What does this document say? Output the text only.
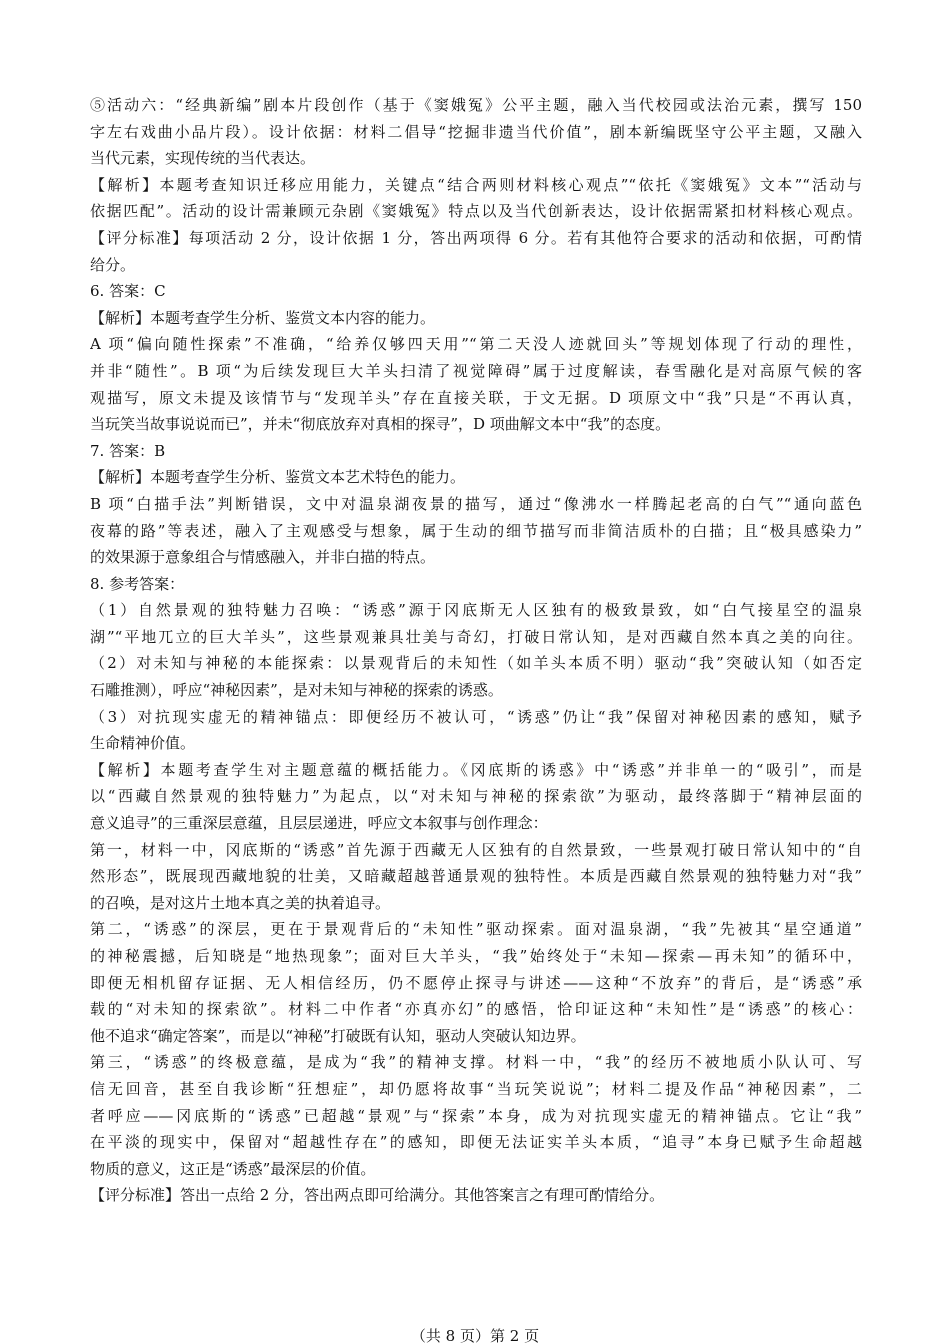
⑤活动六：“经典新编”剧本片段创作（基于《窦娥冤》公平主题，融入当代校园或法治元素，撰写 150
字左右戏曲小品片段）。设计依据：材料二倡导“挖掘非遗当代价值”，剧本新编既坚守公平主题，又融入
当代元素，实现传统的当代表达。
【解析】本题考查知识迁移应用能力，关键点“结合两则材料核心观点”“依托《窦娥冤》文本”“活动与
依据匹配”。活动的设计需兼顾元杂剧《窦娥冤》特点以及当代创新表达，设计依据需紧扣材料核心观点。
【评分标准】每项活动 2 分，设计依据 1 分，答出两项得 6 分。若有其他符合要求的活动和依据，可酌情
给分。
6. 答案：C
【解析】本题考查学生分析、鉴赏文本内容的能力。
A 项“偏向随性探索”不准确，“给养仅够四天用”“第二天没人迹就回头”等规划体现了行动的理性，
并非“随性”。B 项“为后续发现巨大羊头扫清了视觉障碍”属于过度解读，春雪融化是对高原气候的客
观描写，原文未提及该情节与“发现羊头”存在直接关联，于文无据。D 项原文中“我”只是“不再认真，
当玩笑当故事说说而已”，并未“彻底放弃对真相的探寻”，D 项曲解文本中“我”的态度。
7. 答案：B
【解析】本题考查学生分析、鉴赏文本艺术特色的能力。
B 项“白描手法”判断错误，文中对温泉湖夜景的描写，通过“像沸水一样腾起老高的白气”“通向蓝色
夜幕的路”等表述，融入了主观感受与想象，属于生动的细节描写而非简洁质朴的白描；且“极具感染力”
的效果源于意象组合与情感融入，并非白描的特点。
8. 参考答案：
（1）自然景观的独特魅力召唤：“诱惑”源于冈底斯无人区独有的极致景致，如“白气接星空的温泉
湖”“平地兀立的巨大羊头”，这些景观兼具壮美与奇幻，打破日常认知，是对西藏自然本真之美的向往。
（2）对未知与神秘的本能探索：以景观背后的未知性（如羊头本质不明）驱动“我”突破认知（如否定
石雕推测），呼应“神秘因素”，是对未知与神秘的探索的诱惑。
（3）对抗现实虚无的精神锚点：即便经历不被认可，“诱惑”仍让“我”保留对神秘因素的感知，赋予
生命精神价值。
【解析】本题考查学生对主题意蕴的概括能力。《冈底斯的诱惑》中“诱惑”并非单一的“吸引”，而是
以“西藏自然景观的独特魅力”为起点，以“对未知与神秘的探索欲”为驱动，最终落脚于“精神层面的
意义追寻”的三重深层意蕴，且层层递进，呼应文本叙事与创作理念：
第一，材料一中，冈底斯的“诱惑”首先源于西藏无人区独有的自然景致，一些景观打破日常认知中的“自
然形态”，既展现西藏地貌的壮美，又暗藏超越普通景观的独特性。本质是西藏自然景观的独特魅力对“我”
的召唤，是对这片土地本真之美的执着追寻。
第二，“诱惑”的深层，更在于景观背后的“未知性”驱动探索。面对温泉湖，“我”先被其“星空通道”
的神秘震撼，后知晓是“地热现象”；面对巨大羊头，“我”始终处于“未知—探索—再未知”的循环中，
即便无相机留存证据、无人相信经历，仍不愿停止探寻与讲述——这种“不放弃”的背后，是“诱惑”承
载的“对未知的探索欲”。材料二中作者“亦真亦幻”的感悟，恰印证这种“未知性”是“诱惑”的核心：
他不追求“确定答案”，而是以“神秘”打破既有认知，驱动人突破认知边界。
第三，“诱惑”的终极意蕴，是成为“我”的精神支撑。材料一中，“我”的经历不被地质小队认可、写
信无回音，甚至自我诊断“狂想症”，却仍愿将故事“当玩笑说说”；材料二提及作品“神秘因素”，二
者呼应——冈底斯的“诱惑”已超越“景观”与“探索”本身，成为对抗现实虚无的精神锚点。它让“我”
在平淡的现实中，保留对“超越性存在”的感知，即便无法证实羊头本质，“追寻”本身已赋予生命超越
物质的意义，这正是“诱惑”最深层的价值。
【评分标准】答出一点给 2 分，答出两点即可给满分。其他答案言之有理可酌情给分。
（共 8 页）第 2 页
